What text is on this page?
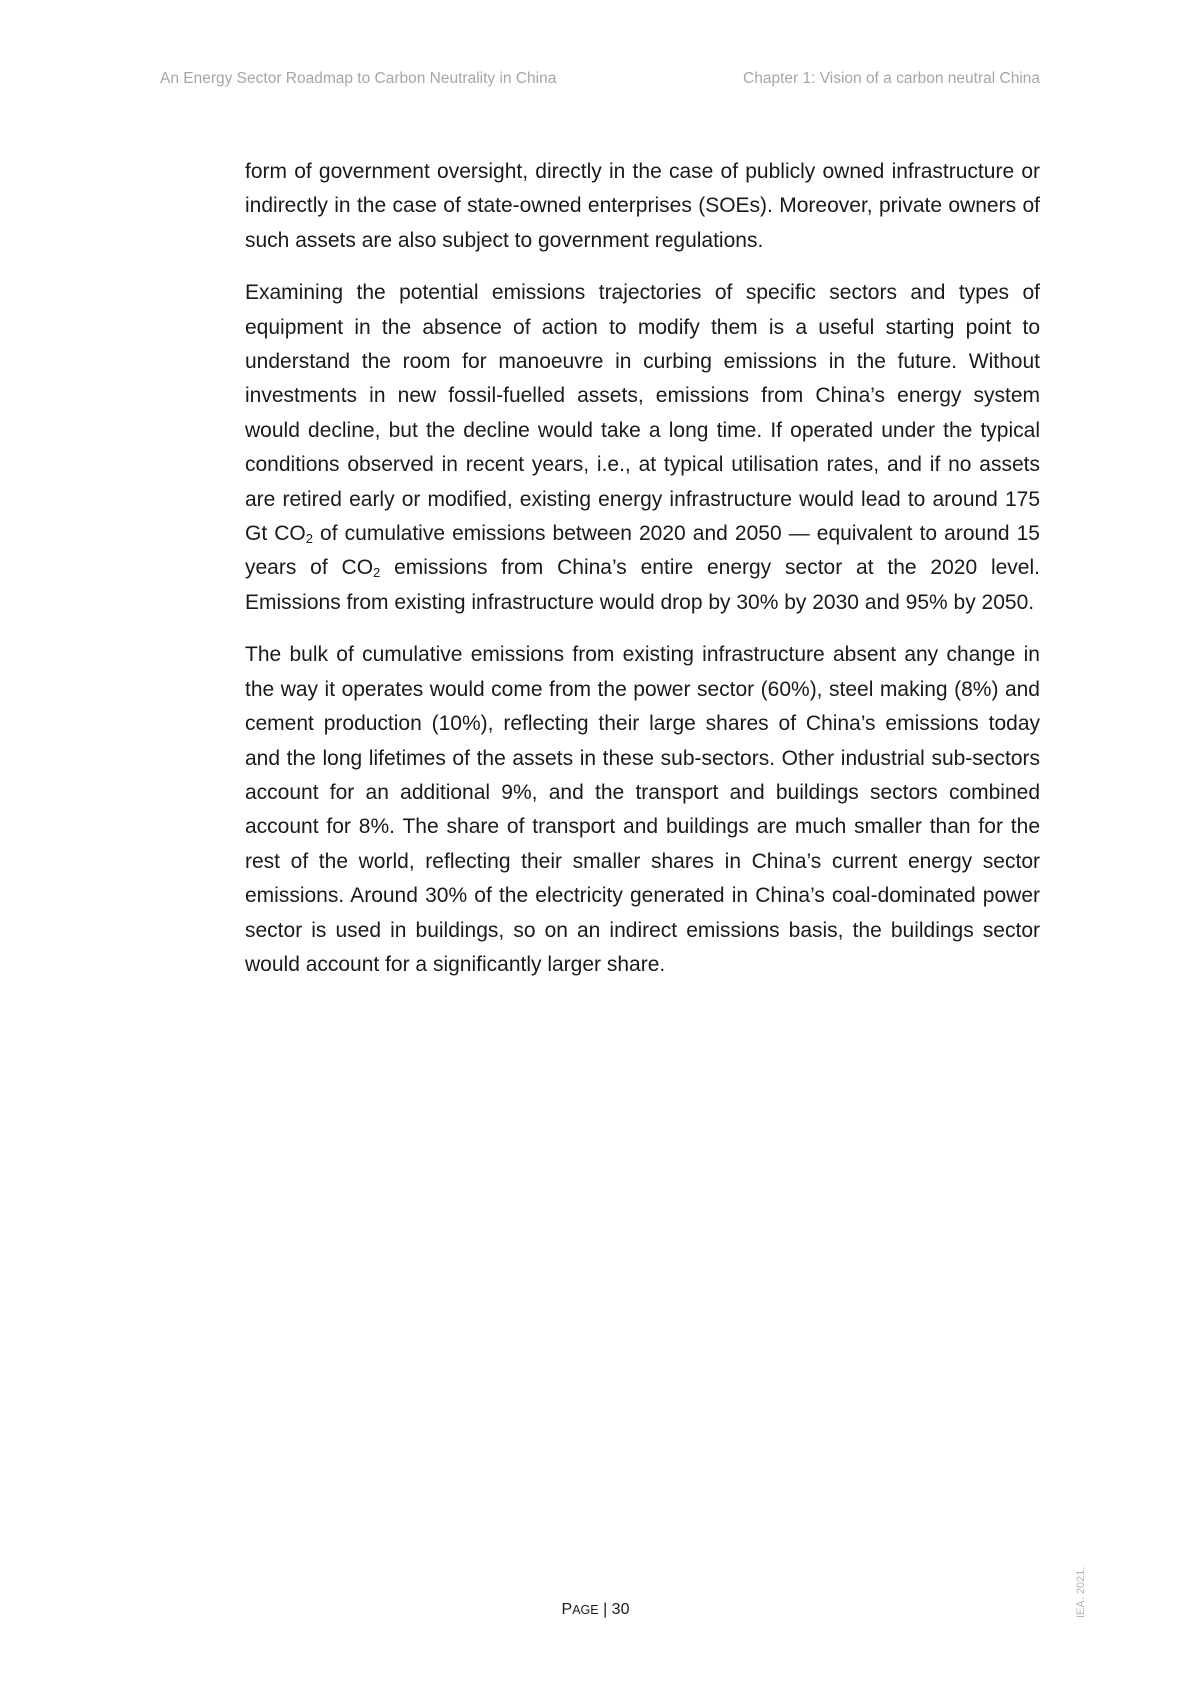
An Energy Sector Roadmap to Carbon Neutrality in China	Chapter 1: Vision of a carbon neutral China

form of government oversight, directly in the case of publicly owned infrastructure or indirectly in the case of state-owned enterprises (SOEs). Moreover, private owners of such assets are also subject to government regulations.

Examining the potential emissions trajectories of specific sectors and types of equipment in the absence of action to modify them is a useful starting point to understand the room for manoeuvre in curbing emissions in the future. Without investments in new fossil-fuelled assets, emissions from China’s energy system would decline, but the decline would take a long time. If operated under the typical conditions observed in recent years, i.e., at typical utilisation rates, and if no assets are retired early or modified, existing energy infrastructure would lead to around 175 Gt $CO_2$ of cumulative emissions between 2020 and 2050 — equivalent to around 15 years of $CO_2$ emissions from China’s entire energy sector at the 2020 level. Emissions from existing infrastructure would drop by 30% by 2030 and 95% by 2050.

The bulk of cumulative emissions from existing infrastructure absent any change in the way it operates would come from the power sector (60%), steel making (8%) and cement production (10%), reflecting their large shares of China’s emissions today and the long lifetimes of the assets in these sub-sectors. Other industrial sub-sectors account for an additional 9%, and the transport and buildings sectors combined account for 8%. The share of transport and buildings are much smaller than for the rest of the world, reflecting their smaller shares in China’s current energy sector emissions. Around 30% of the electricity generated in China’s coal-dominated power sector is used in buildings, so on an indirect emissions basis, the buildings sector would account for a significantly larger share.

PAGE | 30	IEA. 2021.
